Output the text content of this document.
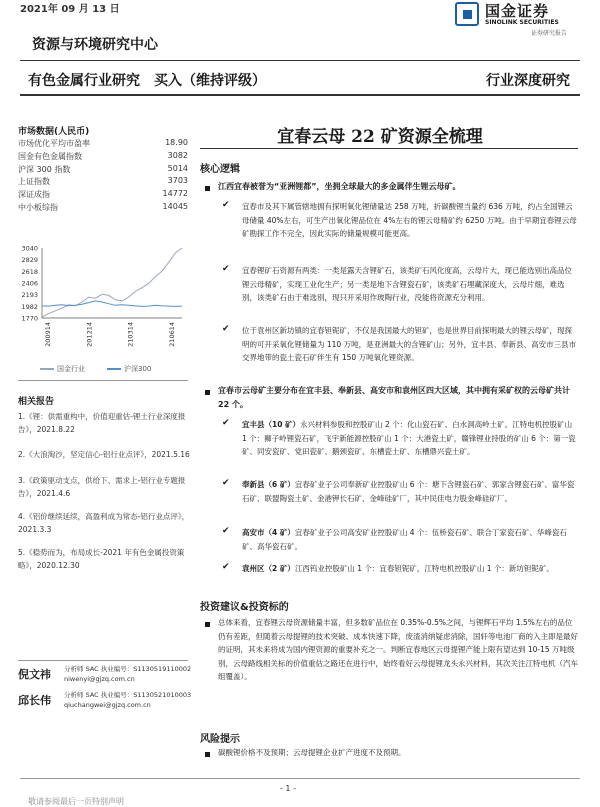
2021年 09 月 13 日	国金证券
SINOLINK SECURITIES
证券研究报告
资源与环境研究中心
有色金属行业研究　买入（维持评级）	行业深度研究
宜春云母 22 矿资源全梳理
市场数据(人民币)
市场优化平均市盈率	18.90
国金有色金属指数	3082
沪深 300 指数	5014
上证指数	3703
深证成指	14772
中小板综指	14045
3040
2829
2618
2406
2193
1982
1770
200914	201214	210314	210614
国金行业	沪深300
相关报告
1.《锂：供需重构中，价值迎重估-锂土行业深度报告》，2021.8.22
2.《大浪淘沙，坚定信心-铝行业点评》，2021.5.16
3.《政策驱动支点，供给下、需求上-铝行业专题报告》，2021.4.6
4.《铝价继续延续，高盈利成为常态-铝行业点评》，2021.3.3
5.《稳势而为，布局成长-2021 年有色金属投资策略》，2020.12.30
倪文祎 分析师 SAC 执业编号：S1130519110002
niwenyi@gjzq.com.cn
邱长伟 分析师 SAC 执业编号：S1130521010003
qiuchangwei@gjzq.com.cn
核心逻辑
江西宜春被誉为“亚洲锂都”，坐拥全球最大的多金属伴生锂云母矿。
✔ 宜春市及其下属管辖地拥有探明氧化锂储量达 258 万吨，折碳酸锂当量约 636 万吨，约占全国锂云母储量 40%左右，可生产出氧化锂品位在 4%左右的锂云母精矿约 6250 万吨。由于早期宜春锂云母矿勘探工作不完全，因此实际的储量规模可能更高。
✔ 宜春锂矿石资源有两类：一类是露天含锂矿石，该类矿石风化度高，云母片大，现已能选别出高品位锂云母精矿，实现工业化生产；另一类是地下含锂瓷石矿，该类矿石埋藏深度大，云母片细，难选别，该类矿石由于难选别，现只开采用作玻陶行业，没能将资源充分利用。
✔ 位于袁州区新坊镇的宜春钽铌矿，不仅是我国最大的钽矿，也是世界目前探明最大的锂云母矿，现探明的可开采氧化锂储量为 110 万吨，是亚洲最大的含锂矿山；另外，宜丰县、奉新县、高安市三县市交界地带的瓷土瓷石矿伴生有 150 万吨氧化锂资源。
宜春市云母矿主要分布在宜丰县、奉新县、高安市和袁州区四大区域，其中拥有采矿权的云母矿共计 22 个。
✔ 宜丰县（10 矿）永兴材料参股和控股矿山 2 个：化山瓷石矿、白水洞高岭土矿。江特电机控股矿山 1 个：狮子岭锂瓷石矿，飞宇新能源控股矿山 1 个：大港瓷土矿，赣锋锂业持股的矿山 6 个：第一瓷矿、同安瓷矿、党田瓷矿、鹅颈瓷矿、东槽瓷土矿、东槽鼎兴瓷土矿。
✔ 奉新县（6 矿）宜春矿业子公司奉新矿业控股矿山 6 个：塘下含锂瓷石矿、郭家含锂瓷石矿、富华瓷石矿、联盟陶瓷土矿、金港钾长石矿、金峰硅矿厂，其中民佳电力股金峰硅矿厂。
✔ 高安市（4 矿）宜春矿业子公司高安矿业控股矿山 4 个：伍桥瓷石矿、联合丁家瓷石矿、华峰瓷石矿、高华瓷石矿。
✔ 袁州区（2 矿）江西钨业控股矿山 1 个：宜春钽铌矿，江特电机控股矿山 1 个：新坊钽铌矿。
投资建议&投资标的
总体来看，宜春锂云母资源储量丰富，但多数矿品位在 0.35%-0.5%之间，与锂辉石平均 1.5%左右的品位仍有差距，但随着云母提锂的技术突破、成本快速下降，废渣消纳疑虑消除，国轩等电池厂商的入主即是最好的证明，其未来将成为国内锂资源的重要补充之一。判断宜春地区云母提锂产能上限有望达到 10-15 万吨级别，云母路线相关标的价值重估之路还在进行中，始终看好云母提锂龙头永兴材料，其次关注江特电机（汽车组覆盖）。
风险提示
碳酸锂价格不及预期；云母提锂企业扩产进度不及预期。
- 1 -
敬请参阅最后一页特别声明
